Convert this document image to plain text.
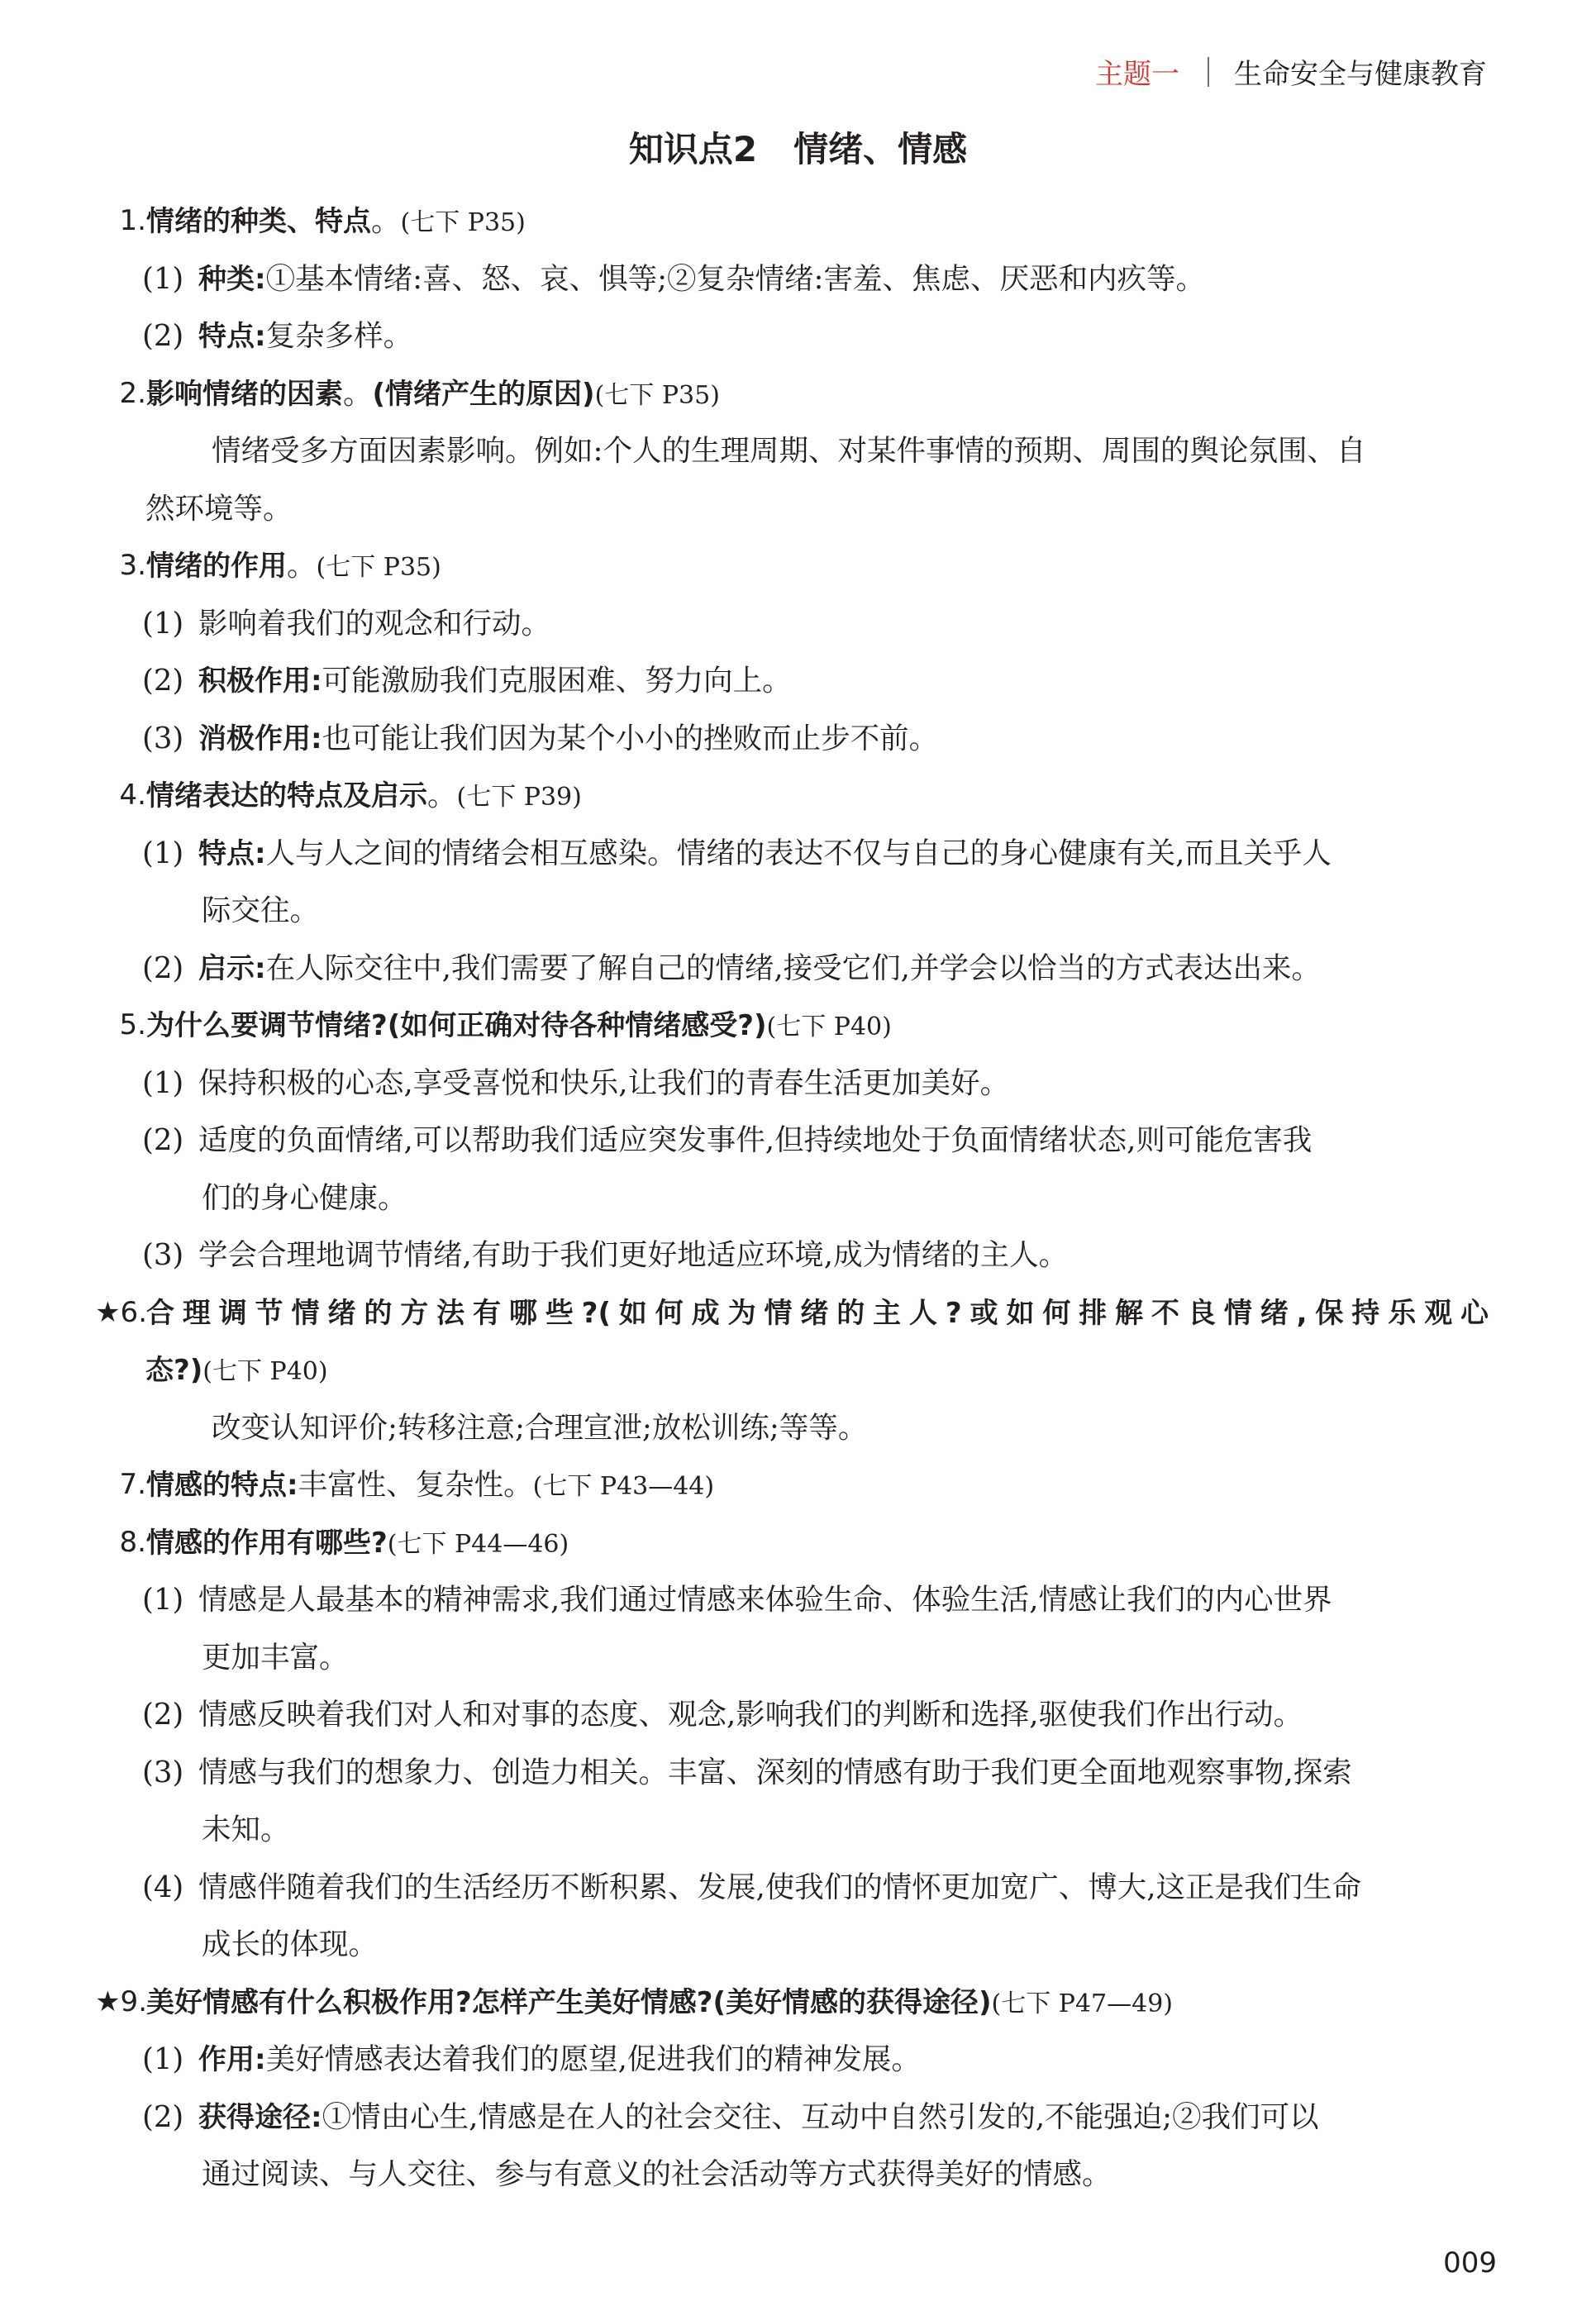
主题一 生命安全与健康教育
知识点2 情绪、情感
1. 情绪的种类、特点。(七下 P35)
(1) 种类:①基本情绪:喜、怒、哀、惧等;②复杂情绪:害羞、焦虑、厌恶和内疚等。
(2) 特点:复杂多样。
2. 影响情绪的因素。(情绪产生的原因)(七下 P35)
情绪受多方面因素影响。例如:个人的生理周期、对某件事情的预期、周围的舆论氛围、自
然环境等。
3. 情绪的作用。(七下 P35)
(1) 影响着我们的观念和行动。
(2) 积极作用:可能激励我们克服困难、努力向上。
(3) 消极作用:也可能让我们因为某个小小的挫败而止步不前。
4. 情绪表达的特点及启示。(七下 P39)
(1) 特点:人与人之间的情绪会相互感染。情绪的表达不仅与自己的身心健康有关,而且关乎人
际交往。
(2) 启示:在人际交往中,我们需要了解自己的情绪,接受它们,并学会以恰当的方式表达出来。
5. 为什么要调节情绪?(如何正确对待各种情绪感受?)(七下 P40)
(1) 保持积极的心态,享受喜悦和快乐,让我们的青春生活更加美好。
(2) 适度的负面情绪,可以帮助我们适应突发事件,但持续地处于负面情绪状态,则可能危害我
们的身心健康。
(3) 学会合理地调节情绪,有助于我们更好地适应环境,成为情绪的主人。
★6. 合理调节情绪的方法有哪些?(如何成为情绪的主人?或如何排解不良情绪,保持乐观心
态?)(七下 P40)
改变认知评价;转移注意;合理宣泄;放松训练;等等。
7. 情感的特点:丰富性、复杂性。(七下 P43—44)
8. 情感的作用有哪些?(七下 P44—46)
(1) 情感是人最基本的精神需求,我们通过情感来体验生命、体验生活,情感让我们的内心世界
更加丰富。
(2) 情感反映着我们对人和对事的态度、观念,影响我们的判断和选择,驱使我们作出行动。
(3) 情感与我们的想象力、创造力相关。丰富、深刻的情感有助于我们更全面地观察事物,探索
未知。
(4) 情感伴随着我们的生活经历不断积累、发展,使我们的情怀更加宽广、博大,这正是我们生命
成长的体现。
★9. 美好情感有什么积极作用?怎样产生美好情感?(美好情感的获得途径)(七下 P47—49)
(1) 作用:美好情感表达着我们的愿望,促进我们的精神发展。
(2) 获得途径:①情由心生,情感是在人的社会交往、互动中自然引发的,不能强迫;②我们可以
通过阅读、与人交往、参与有意义的社会活动等方式获得美好的情感。
009
